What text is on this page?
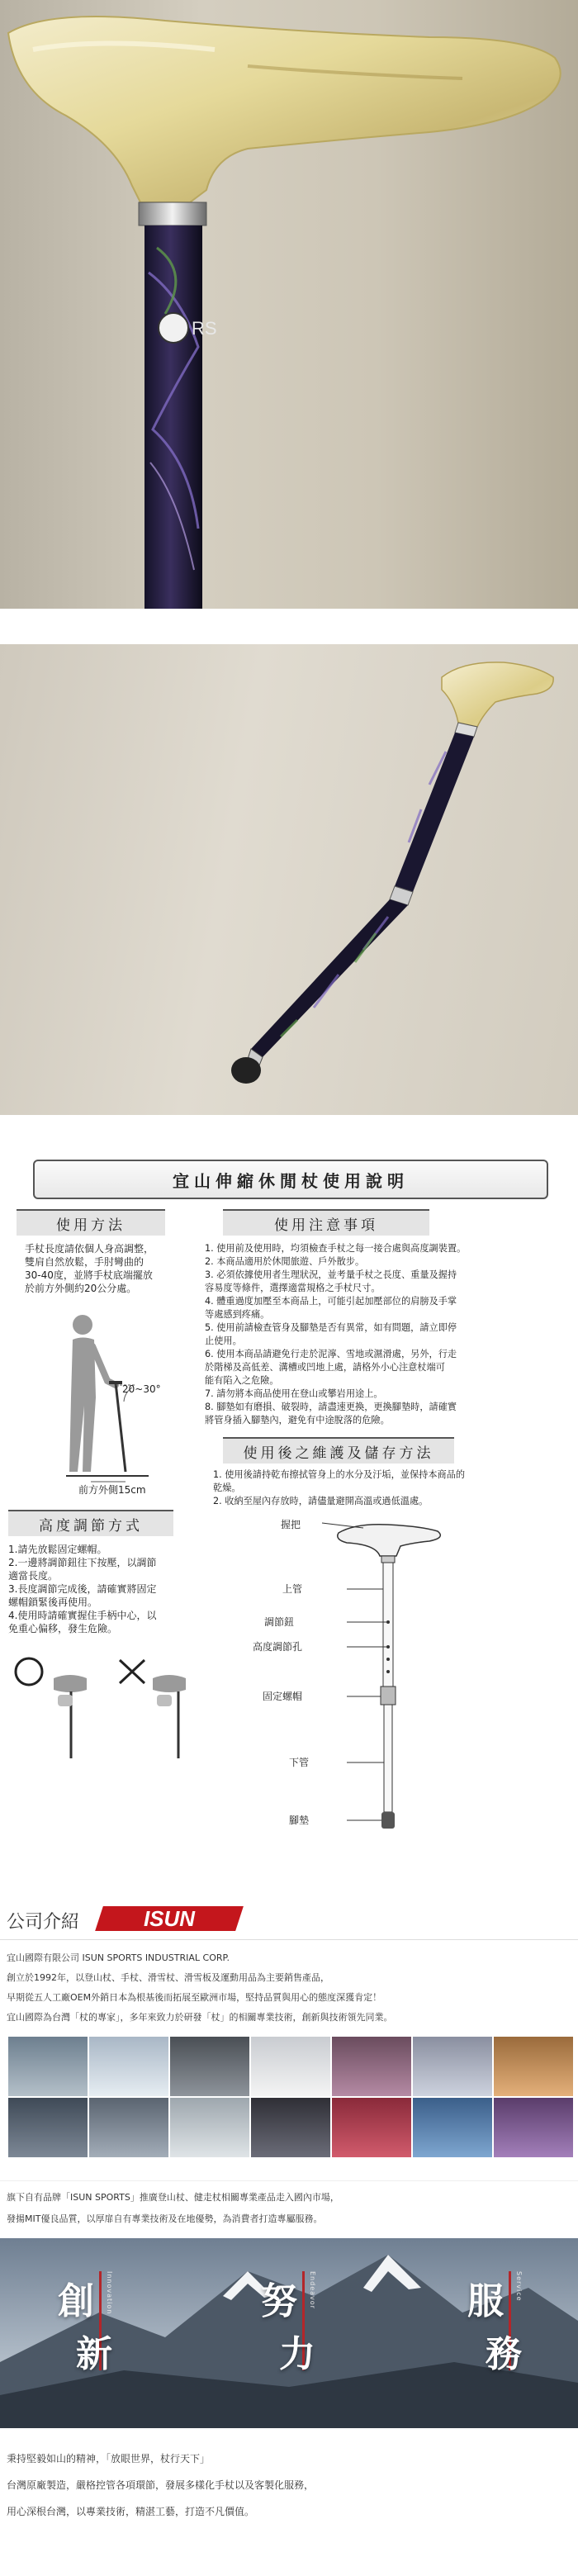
RS
宜山伸縮休閒杖使用說明
使用方法
手杖長度請依個人身高調整，
雙肩自然放鬆，手肘彎曲的
30-40度，並將手杖底端擺放
於前方外側約20公分處。
20~30°
前方外側15cm
高度調節方式
1.請先放鬆固定螺帽。
2.一邊將調節鈕往下按壓，以調節
適當長度。
3.長度調節完成後，請確實將固定
螺帽鎖緊後再使用。
4.使用時請確實握住手柄中心，以
免重心偏移，發生危險。
使用注意事項
1. 使用前及使用時，均須檢查手杖之每一接合處與高度調裝置。
2. 本商品適用於休閒旅遊、戶外散步。
3. 必須依據使用者生理狀況，並考量手杖之長度、重量及握持
容易度等條件，選擇適當規格之手杖尺寸。
4. 體重過度加壓至本商品上，可能引起加壓部位的肩膀及手掌
等處感到疼痛。
5. 使用前請檢查管身及腳墊是否有異常，如有問題，請立即停
止使用。
6. 使用本商品請避免行走於泥濘、雪地或濕滑處，另外，行走
於階梯及高低差、溝槽或凹地上處，請格外小心注意杖端可
能有陷入之危險。
7. 請勿將本商品使用在登山或攀岩用途上。
8. 腳墊如有磨損、破裂時，請盡速更換，更換腳墊時，請確實
將管身插入腳墊內，避免有中途脫落的危險。
使用後之維護及儲存方法
1. 使用後請持乾布擦拭管身上的水分及汙垢，並保持本商品的
乾燥。
2. 收納至屋內存放時，請儘量避開高溫或過低溫處。
握把
上管
調節鈕
高度調節孔
固定螺帽
下管
腳墊
公司介紹	ISUN
宜山國際有限公司 ISUN SPORTS INDUSTRIAL CORP.
創立於1992年，以登山杖、手杖、滑雪杖、滑雪板及運動用品為主要銷售產品，
早期從五人工廠OEM外銷日本為根基後而拓展至歐洲市場，堅持品質與用心的態度深獲肯定！
宜山國際為台灣「杖的專家」，多年來致力於研發「杖」的相關專業技術，創新與技術領先同業。
旗下自有品牌「ISUN SPORTS」推廣登山杖、健走杖相關專業產品走入國內市場，
發揚MIT優良品質，以厚扉自有專業技術及在地優勢，為消費者打造專屬服務。
創
新
Innovation	努
力
Endeavor	服
務
Service
秉持堅毅如山的精神，「放眼世界，杖行天下」
台灣原廠製造，嚴格控管各項環節，發展多樣化手杖以及客製化服務，
用心深根台灣，以專業技術，精湛工藝，打造不凡價值。
